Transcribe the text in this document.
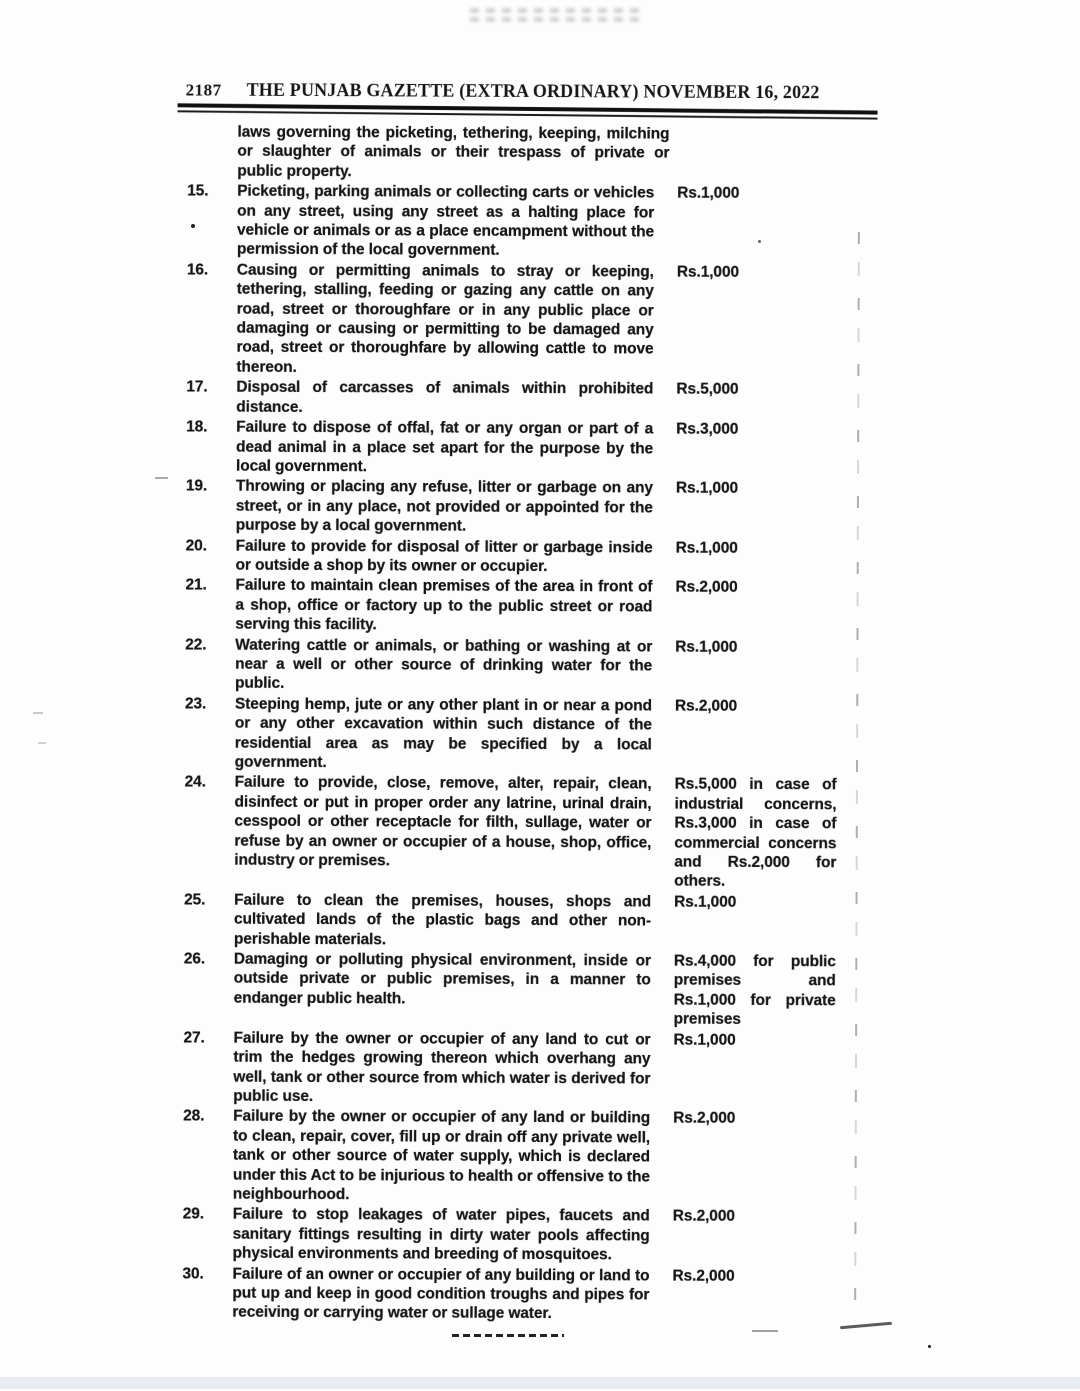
2187	THE PUNJAB GAZETTE (EXTRA ORDINARY) NOVEMBER 16, 2022
laws governing the picketing, tethering, keeping, milching or slaughter of animals or their trespass of private or public property.
15.	Picketing, parking animals or collecting carts or vehicles on any street, using any street as a halting place for vehicle or animals or as a place encampment without the permission of the local government.
Rs.1,000
16.	Causing or permitting animals to stray or keeping, tethering, stalling, feeding or gazing any cattle on any road, street or thoroughfare or in any public place or damaging or causing or permitting to be damaged any road, street or thoroughfare by allowing cattle to move thereon.
Rs.1,000
17.	Disposal of carcasses of animals within prohibited distance.
Rs.5,000
18.	Failure to dispose of offal, fat or any organ or part of a dead animal in a place set apart for the purpose by the local government.
Rs.3,000
19.	Throwing or placing any refuse, litter or garbage on any street, or in any place, not provided or appointed for the purpose by a local government.
Rs.1,000
20.	Failure to provide for disposal of litter or garbage inside or outside a shop by its owner or occupier.
Rs.1,000
21.	Failure to maintain clean premises of the area in front of a shop, office or factory up to the public street or road serving this facility.
Rs.2,000
22.	Watering cattle or animals, or bathing or washing at or near a well or other source of drinking water for the public.
Rs.1,000
23.	Steeping hemp, jute or any other plant in or near a pond or any other excavation within such distance of the residential area as may be specified by a local government.
Rs.2,000
24.	Failure to provide, close, remove, alter, repair, clean, disinfect or put in proper order any latrine, urinal drain, cesspool or other receptacle for filth, sullage, water or refuse by an owner or occupier of a house, shop, office, industry or premises.
Rs.5,000 in case of industrial concerns, Rs.3,000 in case of commercial concerns and Rs.2,000 for others.
25.	Failure to clean the premises, houses, shops and cultivated lands of the plastic bags and other non-perishable materials.
Rs.1,000
26.	Damaging or polluting physical environment, inside or outside private or public premises, in a manner to endanger public health.
Rs.4,000 for public premises and Rs.1,000 for private premises
27.	Failure by the owner or occupier of any land to cut or trim the hedges growing thereon which overhang any well, tank or other source from which water is derived for public use.
Rs.1,000
28.	Failure by the owner or occupier of any land or building to clean, repair, cover, fill up or drain off any private well, tank or other source of water supply, which is declared under this Act to be injurious to health or offensive to the neighbourhood.
Rs.2,000
29.	Failure to stop leakages of water pipes, faucets and sanitary fittings resulting in dirty water pools affecting physical environments and breeding of mosquitoes.
Rs.2,000
30.	Failure of an owner or occupier of any building or land to put up and keep in good condition troughs and pipes for receiving or carrying water or sullage water.
Rs.2,000
